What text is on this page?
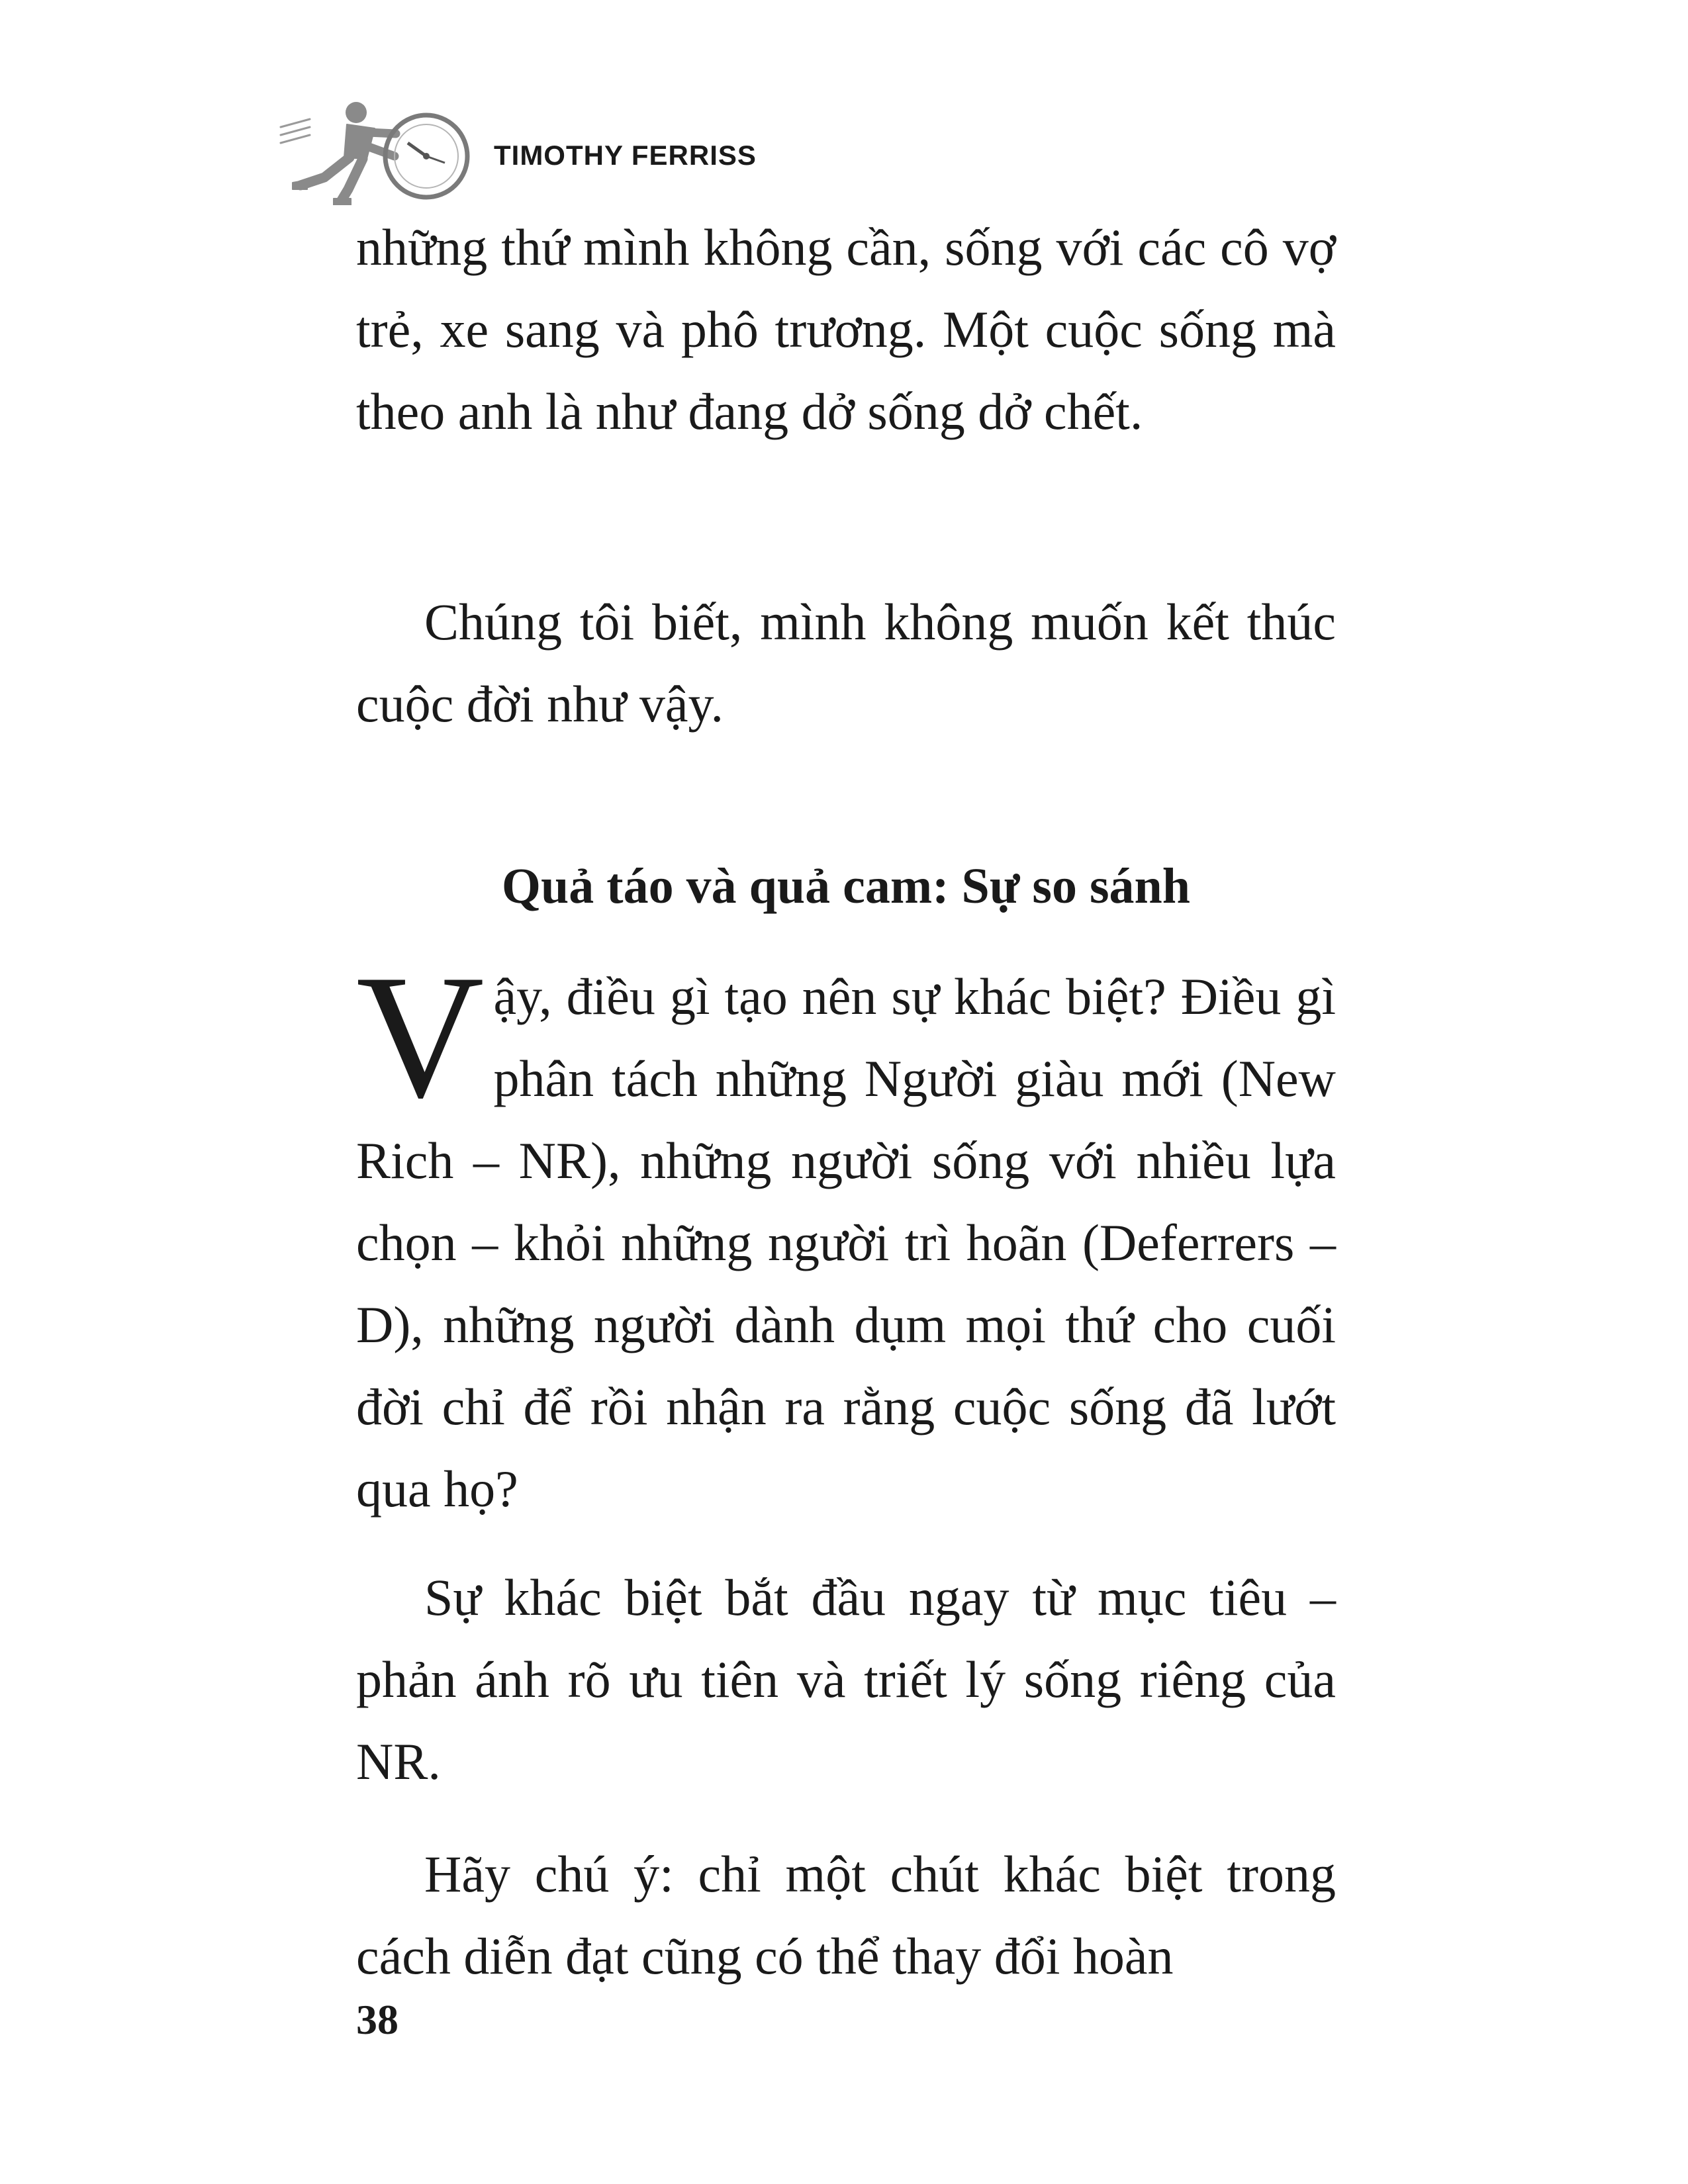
TIMOTHY FERRISS

những thứ mình không cần, sống với các cô vợ trẻ, xe sang và phô trương. Một cuộc sống mà theo anh là như đang dở sống dở chết.

Chúng tôi biết, mình không muốn kết thúc cuộc đời như vậy.

Quả táo và quả cam: Sự so sánh

Vậy, điều gì tạo nên sự khác biệt? Điều gì phân tách những Người giàu mới (New Rich – NR), những người sống với nhiều lựa chọn – khỏi những người trì hoãn (Deferrers – D), những người dành dụm mọi thứ cho cuối đời chỉ để rồi nhận ra rằng cuộc sống đã lướt qua họ?

Sự khác biệt bắt đầu ngay từ mục tiêu – phản ánh rõ ưu tiên và triết lý sống riêng của NR.

Hãy chú ý: chỉ một chút khác biệt trong cách diễn đạt cũng có thể thay đổi hoàn

38
